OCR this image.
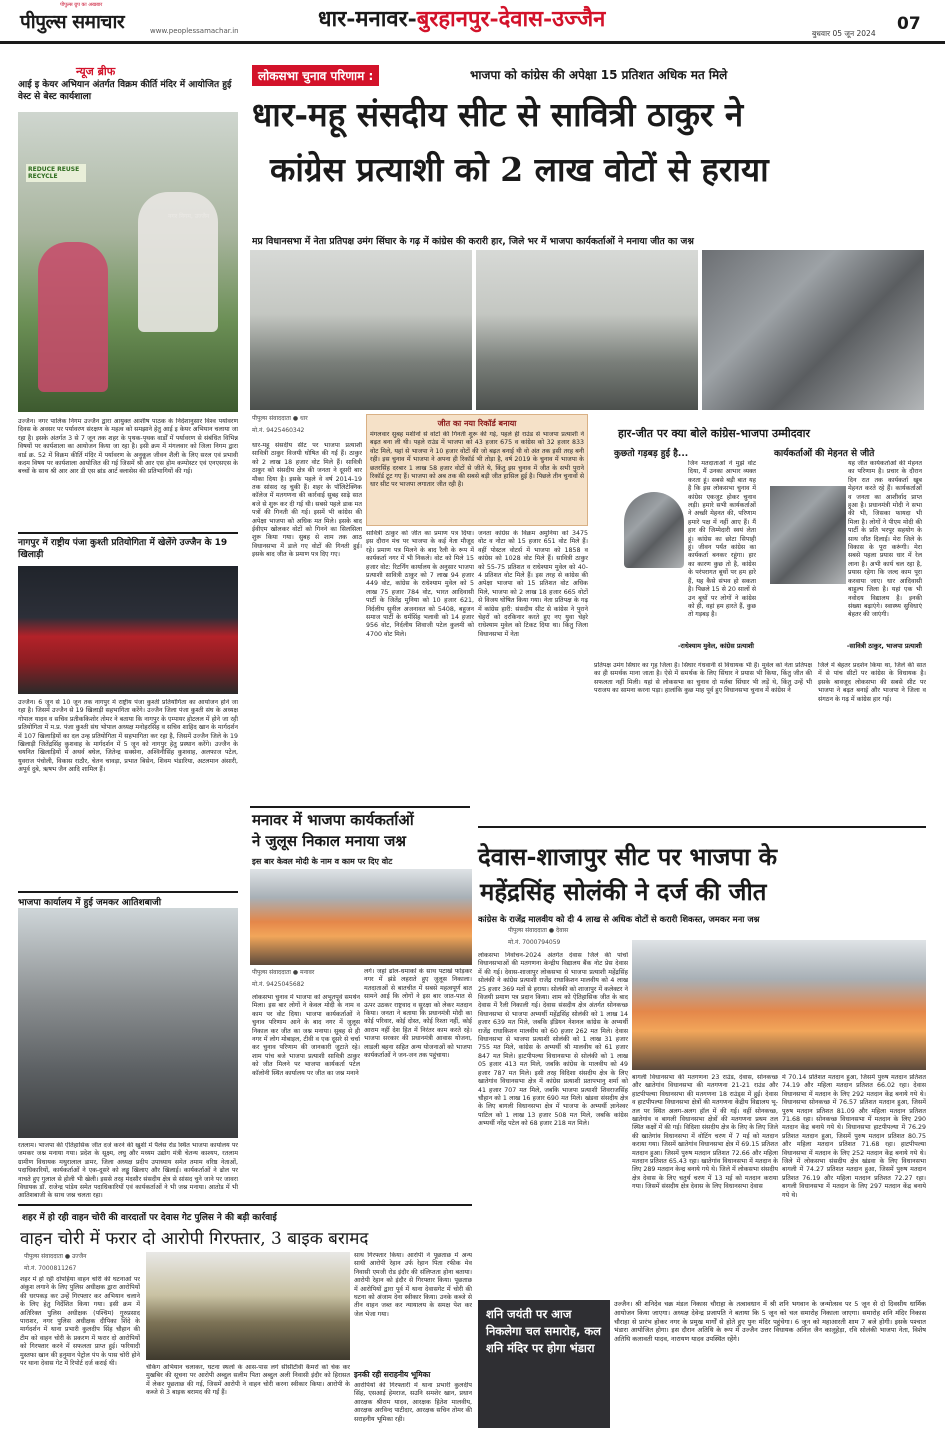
पीपुल्स ग्रुप का अखबार
पीपुल्स समाचार	www.peoplessamachar.in	धार-मनावर-बुरहानपुर-देवास-उज्जैन
बुधवार 05 जून 2024 07
न्यूज ब्रीफ
आई इ केयर अभियान अंतर्गत विक्रम कीर्ति मंदिर में आयोजित हुई वेस्ट से बेस्ट कार्यशाला
REDUCE REUSE RECYCLE
उज्जैन। नगर पालिक निगम उज्जैन द्वारा आयुक्त आशीष पाठक के निर्देशानुसार विश्व पर्यावरण दिवस के अवसर पर पर्यावरण संरक्षण के महत्व को समझाने हेतु आई इ केयर अभियान चलाया जा रहा है। इसके अंतर्गत 3 से 7 जून तक शहर के पृथक-पृथक वार्डों में पर्यावरण से संबंधित विभिन्न विषयों पर कार्यशाला का आयोजन किया जा रहा है। इसी क्रम में मंगलवार को जिला निगम द्वारा वार्ड क्र. 52 में विक्रम कीर्ति मंदिर में पर्यावरण के अनुकूल जीवन शैली के लिए सरल एवं प्रभावी कदम विषय पर कार्यशाला आयोजित की गई जिसमें श्री आर एस होम कम्पोस्टर एवं एनएसएस के बच्चों के साथ श्री आर आर डी एस ब्रांड आर्ट क्लासेस की प्रतिभागियों की गई।
नागपुर में राष्ट्रीय पंजा कुश्ती प्रतियोगिता में खेलेंगे उज्जैन के 19 खिलाड़ी
उज्जैन। 6 जून से 10 जून तक नागपुर में राष्ट्रीय पंजा कुश्ती प्रतियोगिता का आयोजन होने जा रहा है। जिसमें उज्जैन से 19 खिलाड़ी सहभागिता करेंगे। उज्जैन जिला पंजा कुश्ती संघ के अध्यक्ष गोपाल यादव व सचिव प्रतीककिशोर तोमर ने बताया कि नागपुर के एम्पायर होटलल में होने जा रही प्रतियोगिता में म.प्र. पंजा कुश्ती संघ भोपाल अध्यक्ष मनोहरसिंह व सचिव शाहिद खान के मार्गदर्शन में 107 खिलाड़ियों का दल उन्ह प्रतियोगिता में सहभागिता कर रहा है, जिसमें उज्जैन जिले के 19 खिलाड़ी जितेंद्रसिंह कुशवाह के मार्गदर्शन में 5 जून को नागपुर हेतु प्रस्थान करेंगे। उज्जैन के चयनित खिलाड़ियों में अथर्व बघेल, जितेन्द्र सक्सेना, अश्विनीसिंह कुशवाह, अलफाज पटेल, युवराज पंचोली, विकास राठौर, चेतन चावड़ा, प्रभात बिसेन, शिवम भंडारिया, अटलमान अंसारी, अपूर्व दुबे, ऋषभ जैन आदि शामिल हैं।
भाजपा कार्यालय में हुई जमकर आतिशबाजी
रतलाम। भाजपा की ऐतिहासिक जीत दर्ज करने की खुशी में पैलेस रोड स्थित भाजपा कार्यालय पर जमकर जश्न मनाया गया। प्रदेश के सूक्ष्म, लघु और मध्यम उद्योग मंत्री चेतन्य काश्यप, रतलाम ग्रामीण विधायक मथुरालाल डामर, जिला अध्यक्ष प्रदीप उपाध्याय समेत तमाम वरिष्ठ नेताओं, पदाधिकारियों, कार्यकर्ताओं ने एक-दूसरे को लड्डू खिलाए और खिलाई। कार्यकर्ताओं ने ढोल पर नाचते हुए गुलाल से होली भी खेली। इससे तरह मंदसौर संसदीय क्षेत्र से सांसद चुने जाने पर जावरा विधायक डॉ. राजेन्द्र पांडेय समेत पदाधिकारियों एवं कार्यकर्ताओं ने भी जश्न मनाया। आतोड में भी आतिशबाजी के साथ जश्न चलता रहा।
लोकसभा चुनाव परिणाम :	भाजपा को कांग्रेस की अपेक्षा 15 प्रतिशत अधिक मत मिले
धार-महू संसदीय सीट से सावित्री ठाकुर ने
कांग्रेस प्रत्याशी को 2 लाख वोटों से हराया
मप्र विधानसभा में नेता प्रतिपक्ष उमंग सिंघार के गढ़ में कांग्रेस की करारी हार, जिले भर में भाजपा कार्यकर्ताओं ने मनाया जीत का जश्न
पीपुल्स संवाददाता ● धार
मो.नं. 9425460342
जीत का नया रिकॉर्ड बनाया
मंगलवार सुबह मशीनों से वोटों की गिनती शुरू की गई, पहले ही राउंड से भाजपा प्रत्याशी ने बढ़त बना ली थी। पहले राउंड में भाजपा को 43 हजार 675 व कांग्रेस को 32 हजार 833 वोट मिले, यहां से भाजपा ने 10 हजार वोटों की जो बढ़त बनाई थी वो अंत तक इसी तरह बनी रही। इस चुनाव में भाजपा ने अपना ही रिकॉर्ड भी तोड़ा है, वर्ष 2019 के चुनाव में भाजपा के छतरसिंह दरबार 1 लाख 58 हजार वोटों से जीते थे, किंतु इस चुनाव में जीत के सभी पुराने रिकॉर्ड टूट गए हैं। भाजपा को अब तक की सबसे बड़ी जीत हासिल हुई है। पिछले तीन चुनावों से धार सीट पर भाजपा लगातार जीत रही है।
धार-महू संसदीय सीट पर भाजपा प्रत्याशी सावित्री ठाकुर विजयी घोषित की गईं हैं। ठाकुर को 2 लाख 18 हजार वोट मिले हैं। सावित्री ठाकुर को संसदीय क्षेत्र की जनता ने दूसरी बार मौका दिया है। इसके पहले वे वर्ष 2014-19 तक सांसद रह चुकी हैं। शहर के पॉलिटेक्निक कॉलेज में मतगणना की कार्रवाई सुबह साढ़े सात बजे से शुरू कर दी गई थी। सबसे पहले डाक मत पत्रों की गिनती की गई। इसमें भी कांग्रेस की अपेक्षा भाजपा को अधिक मत मिले। इसके बाद ईवीएम खोलकर वोटों को गिनने का सिलसिला शुरू किया गया। सुबह से शाम तक आठ विधानसभा में डाले गए वोटों की गिनती हुई। इसके बाद जीत के प्रमाण पत्र दिए गए।
सावित्री ठाकुर को जीत का प्रमाण पत्र दिया। इस दौरान मंच पर भाजपा के कई नेता मौजूद रहे। प्रमाण पत्र मिलने के बाद रैली के रूप में कार्यकर्ता नगर में भी निकले। वोट को मिले 15 हजार वोट: रिटर्निंग कार्यालय के अनुसार भाजपा प्रत्याशी सावित्री ठाकुर को 7 लाख 94 हजार 449 वोट, कांग्रेस के राधेश्याम मुवेल को 5 लाख 75 हजार 784 वोट, भारत आदिवासी पार्टी के जितेंद्र मुनिया को 10 हजार 621, निर्दलीय सुनील अजनावत को 5408, बहुजन समाज पार्टी के धर्मसिंह भलावी को 14 हजार 956 वोट, निर्दलीय शिवाजी पटेल कुलमी को 4700 वोट मिले।
जनता कांग्रेस के विक्रम अमुनिया को 3475 वोट व नोटा को 15 हजार 651 वोट मिले हैं। वहीं पोस्टल वोटर्स में भाजपा को 1858 व कांग्रेस को 1028 वोट मिले हैं। सावित्री ठाकुर को 55-75 प्रतिशत व राधेश्याम मुवेल को 40-4 प्रतिशत वोट मिले हैं। इस तरह से कांग्रेस की अपेक्षा भाजपा को 15 प्रतिशत वोट अधिक मिले, भाजपा को 2 लाख 18 हजार 665 वोटों से विजय घोषित किया गया। नेता प्रतिपक्ष के गढ़ में कांग्रेस हारी: संसदीय सीट से कांग्रेस ने पुराने चेहरों को दरकिनार करते हुए नए युवा चेहरे राधेश्याम मुवेल को टिकट दिया था। किंतु जिला विधानसभा में नेता
हार-जीत पर क्या बोले कांग्रेस-भाजपा उम्मीदवार
कुछतो गड़बड़ हुई है...	कार्यकर्ताओं की मेहनत से जीते
जिन मतदाताओं ने मुझे वोट दिया, मैं उनका आभार व्यक्त करता हूं। सबसे बड़ी बात यह है कि इस लोकसभा चुनाव में कांग्रेस एकजुट होकर चुनाव लड़ी। हमारे सभी कार्यकर्ताओं ने अच्छी मेहनत की, परिणाम हमारे पक्ष में नहीं आए हैं। मैं हार की जिम्मेदारी स्वयं लेता हूं। कांग्रेस का छोटा सिपाही हूं। जीवन पर्यंत कांग्रेस का कार्यकर्ता बनकर रहूंगा। हार का कारण कुछ तो है, कांग्रेस के परंपरागत बूथों पर हम हारे हैं, यह कैसे संभव हो सकता है। पिछले 15 से 20 सालों से उन बूथों पर लोगों ने कांग्रेस को ही, वहां हम हारते हैं, कुछ तो गड़बड़ है।
-राधेश्याम मुवेल, कांग्रेस प्रत्याशी
यह जीत कार्यकर्ताओं की मेहनत का परिणाम है। प्रचार के दौरान दिन रात तक कार्यकर्ता खूब मेहनत करते रहे हैं। कार्यकर्ताओं व जनता का आशीर्वाद प्राप्त हुआ है। प्रधानमंत्री मोदी ने सभा की भी, जिसका फायदा भी मिला है। लोगों ने पीएम मोदी की पार्टी के प्रति भरपूर सहयोग के साथ जीत दिलाई। मेरा जिले के विकास के पूरा करूंगी। मेरा सबसे पहला प्रयास धार में रेल लाना है। अभी कार्य चल रहा है, प्रयास रहेगा कि जल्द काम पूरा करवाया जाए। धार आदिवासी बाहुल्य जिला है। यहां एक भी नवोदय विद्यालय है। इनकी संख्या बढ़ाएंगे। स्वास्थ्य सुविधाएं बेहतर की जाएंगी।
-सावित्री ठाकुर, भाजपा प्रत्याशी
प्रतिपक्ष उमंग सिंघार का गृह जिला है। सिंघार गंधवानी से विधायक भी हैं। मुवेल को नेता प्रतिपक्ष का ही समर्थक माना जाता है। ऐसे में समर्थक के लिए सिंघार ने प्रयास भी किया, किंतु जीत की सफलता नहीं मिली। यहां से लोकसभा का चुनाव दो मर्तबा सिंघार भी लड़ें थे, किंतु उन्हें भी पराजय का सामना करना पड़ा। हालांकि कुछ माह पूर्व हुए विधानसभा चुनाव में कांग्रेस ने
जिले में बेहतर प्रदर्शन किया था, जिले की सात में से पांच सीटों पर कांग्रेस के विधायक है। इसके बावजूद लोकसभा की सबसे सीट पर भाजपा ने बढ़त बनाई और भाजपा ने जिला व संगठन के गढ़ में कांग्रेस हार गई।
मनावर में भाजपा कार्यकर्ताओं
ने जुलूस निकाल मनाया जश्न
इस बार केवल मोदी के नाम व काम पर दिए वोट
पीपुल्स संवाददाता ● मनावर
मो.नं. 9425045682
लोकसभा चुनाव में भाजपा को अभूतपूर्व समर्थन मिला। इस बार लोगों ने केवल मोदी के नाम व काम पर वोट दिया। भाजपा कार्यकर्ताओं ने चुनाव परिणाम आने के बाद नगर में जुलूस निकाल कर जीत का जश्न मनाया। सुबह से ही नगर में लोग मोबाइल, टीवी व एक दूसरे से चर्चा कर चुनाव परिणाम की जानकारी जुटाते रहे। शाम पांच बजे भाजपा प्रत्याशी सावित्री ठाकुर को जीत मिलने पर भाजपा कार्यकर्ता पटेल कॉलोनी स्थित कार्यालय पर जीत का जश्न मनाने
लगे। जहां ढोल-धमाकों के साथ पटाखे फोड़कर नगर में झंडे लहराते हुए जुलूस निकाला। मतदाताओं से बातचीत में सबसे महत्वपूर्ण बात सामने आई कि लोगों ने इस बार जात-पात से ऊपर उठकर राष्ट्रवाद व सुरक्षा को लेकर मतदान किया। जनता ने बताया कि प्रधानमंत्री मोदी का कोई परिवार, कोई दोस्त, कोई रिश्ता नहीं, कोई आराम नहीं देश हित में निरंतर काम करते रहे। भाजपा सरकार की प्रधानमंत्री आवास योजना, लाडली बहना सहित अन्य योजनाओं को भाजपा कार्यकर्ताओं ने जन-जन तक पहुंचाया।
देवास-शाजापुर सीट पर भाजपा के
महेंद्रसिंह सोलंकी ने दर्ज की जीत
कांग्रेस के राजेंद्र मालवीय को दी 4 लाख से अधिक वोटों से करारी शिकस्त, जमकर मना जश्न
पीपुल्स संवाददाता ● देवास
मो.नं. 7000794059
लोकसभा निर्वाचन-2024 अंतर्गत देवास जिले की पांचों विधानसभाओं की मतगणना केन्द्रीय विद्यालय बैंक नोट प्रेस देवास में की गई। देवास-शाजापुर लोकसभा से भाजपा प्रत्याशी महेंद्रसिंह सोलंकी ने कांग्रेस प्रत्याशी राजेंद्र राधाकिशन मालवीय को 4 लाख 25 हजार 369 मतों से हराया। सोलंकी को शाजापुर में कलेक्टर ने विजयी प्रमाण पत्र प्रदान किया। शाम को ऐतिहासिक जीत के बाद देवास में रैली निकाली गई। देवास संसदीय क्षेत्र अंतर्गत सोनकच्छ विधानसभा से भाजपा अभ्यर्थी महेंद्रसिंह सोलंकी को 1 लाख 14 हजार 639 मत मिले, जबकि इंडियन नेशनल कांग्रेस के अभ्यर्थी राजेंद्र राधाकिशन मालवीय को 60 हजार 262 मत मिले। देवास विधानसभा से भाजपा प्रत्याशी सोलंकी को 1 लाख 31 हजार 755 मत मिले, कांग्रेस के अभ्यर्थी श्री मालवीय को 61 हजार 847 मत मिले। हाटपीपल्या विधानसभा से सोलंकी को 1 लाख 05 हजार 413 मत मिले, जबकि कांग्रेस के मालवीय को 49 हजार 787 मत मिले। इसी तरह विदिशा संसदीय क्षेत्र के लिए खातेगांव विधानसभा क्षेत्र में कांग्रेस प्रत्याशी प्रतापभानु शर्मा को 41 हजार 707 मत मिले, जबकि भाजपा प्रत्याशी शिवराजसिंह चौहान को 1 लाख 16 हजार 690 मत मिले। खंडवा संसदीय क्षेत्र के लिए बागली विधानसभा क्षेत्र में भाजपा के अभ्यर्थी ज्ञानेश्वर पाटिल को 1 लाख 13 हजार 508 मत मिले, जबकि कांग्रेस अभ्यर्थी नरेंद्र पटेल को 68 हजार 218 मत मिले।
बागली विधानसभा की मतगणना 23 राउंड, देवास, सोनकच्छ और खातेगांव विधानसभा की मतगणना 21-21 राउंड और हाटपीपल्या विधानसभा की मतगणना 18 राउंड्स में हुई। देवास व हाटपीपल्या विधानसभा क्षेत्रों की मतगणना केंद्रीय विद्यालय भू-तल पर स्थित अलग-अलग हॉल में की गई। वहीं सोनकच्छ, खातेगांव व बागली विधानसभा क्षेत्रों की मतगणना प्रथम तल स्थित कक्षों में की गई। विदिशा संसदीय क्षेत्र के लिए के लिए जिले की खातेगांव विधानसभा में वोटिंग चरण में 7 मई को मतदान कराया गया। जिसमें खातेगांव विधानसभा क्षेत्र में 69.15 प्रतिशत मतदान हुआ। जिसमें पुरुष मतदान प्रतिशत 72.66 और महिला मतदान प्रतिशत 65.43 रहा। खातेगांव विधानसभा में मतदान के लिए 289 मतदान केन्द्र बनाये गये थे। जिले में लोकसभा संसदीय क्षेत्र देवास के लिए चतुर्थ चरण में 13 मई को मतदान कराया गया। जिसमें संसदीय क्षेत्र देवास के लिए विधानसभा देवास
में 70.14 प्रतिशत मतदान हुआ, जिसमें पुरुष मतदान प्रतिशत 74.19 और महिला मतदान प्रतिशत 66.02 रहा। देवास विधानसभा में मतदान के लिए 292 मतदान केंद्र बनाये गये थे। विधानसभा सोनकच्छ में 76.57 प्रतिशत मतदान हुआ, जिसमें पुरुष मतदान प्रतिशत 81.09 और महिला मतदान प्रतिशत 71.68 रहा। सोनकच्छ विधानसभा में मतदान के लिए 290 मतदान केंद्र बनाये गये थे। विधानसभा हाटपीपल्या में 76.29 प्रतिशत मतदान हुआ, जिसमें पुरुष मतदान प्रतिशत 80.75 और महिला मतदान प्रतिशत 71.68 रहा। हाटपीपल्या विधानसभा में मतदान के लिए 252 मतदान केंद्र बनाये गये थे। जिले में लोकसभा संसदीय क्षेत्र खंडवा के लिए विधानसभा बागली में 74.27 प्रतिशत मतदान हुआ, जिसमें पुरुष मतदान प्रतिशत 76.19 और महिला मतदान प्रतिशत 72.27 रहा। बागली विधानसभा में मतदान के लिए 297 मतदान केंद्र बनाये गये थे।
शहर में हो रही वाहन चोरी की वारदातों पर देवास गेट पुलिस ने की बड़ी कार्रवाई
वाहन चोरी में फरार दो आरोपी गिरफ्तार, 3 बाइक बरामद
पीपुल्स संवाददाता ● उज्जैन
मो.नं. 7000811267
शहर में हो रही दोपहिया वाहन चोरी की घटनाओं पर अंकुश लगाने के लिए पुलिस अधीक्षक द्वारा आरोपियों की धरपकड़ कर उन्हें गिरफ्तार कर अभियान चलाने के लिए हेतु निर्देशित किया गया। इसी क्रम में अतिरिक्त पुलिस अधीक्षक (पश्चिम) गुरुप्रसाद पाराशर, नगर पुलिस अधीक्षक दीपिका शिंदे के मार्गदर्शन में थाना प्रभारी कुलदीप सिंह चौहान की टीम को वाहन चोरी के प्रकरण में फरार दो आरोपियों को गिरफ्तार करने में सफलता प्राप्त हुई। फरियादी मुस्तफा खान की हनुमान पेट्रोल पंप के पास चोरी होने पर थाना देवास गेट में रिपोर्ट दर्ज कराई थी।
चेकिंग अभियान चलाकर, घटना स्थलों के आस-पास लगे सीसीटीवी कैमरों को चेक कर मुखबिर की सूचना पर आरोपी अब्दुल सलीम पिता अब्दुल अली निवासी इंदौर को हिरासत में लेकर पूछताछ की गई, जिसमें आरोपी ने वाहन चोरी करना स्वीकार किया। आरोपी के कब्जे से 3 बाइक बरामद की गईं हैं।
साथ गिरफ्तार किया। आरोपी ने पूछताछ में अन्य साथी आरोपी रेहान उर्फ रेहान पिता रफीक मेव निवासी एमजी रोड इंदौर की संलिप्तता होना बताया। आरोपी रेहान को इंदौर से गिरफ्तार किया। पूछताछ में आरोपियों द्वारा पूर्व में थाना देवासगेट में चोरी की घटना को अंजाम देना स्वीकार किया। उनके कब्जे से तीन वाहन जब्त कर न्यायालय के समक्ष पेश कर जेल भेजा गया।
इनकी रही सराहनीय भूमिका
आरोपियों की गिरफ्तारी में थाना प्रभारी कुलदीप सिंह, एसआई हेमराज, सउनि समशेर खान, प्रधान आरक्षक श्रीराम यादव, आरक्षक हितेश मालवीय, आरक्षक अरविन्द पाटीदार, आरक्षक सचिन तोमर की सराहनीय भूमिका रही।
शनि जयंती पर आज निकलेगा चल समारोह, कल शनि मंदिर पर होगा भंडारा
उज्जैन। श्री शनिदेव चक्र मंडल निकास चौराहा के तत्वावधान में श्री शनि भगवान के जन्मोत्सव पर 5 जून से दो दिवसीय धार्मिक आयोजन किया जाएगा। अध्यक्ष देवेन्द्र प्रजापति ने बताया कि 5 जून को चल समारोह निकाला जाएगा। समारोह शनि मंदिर निकास चौराहा से प्रारंभ होकर नगर के प्रमुख मार्गों से होते हुए पुनः मंदिर पहुंचेगा। 6 जून को महाआरती शाम 7 बजे होगी। इसके पश्चात भंडारा आयोजित होगा। इस दौरान अतिथि के रूप में उज्जैन उत्तर विधायक अनिल जैन कालूहेड़ा, रवि सोलंकी भाजपा नेता, विशेष अतिथि कलावती यादव, नारायण यादव उपस्थित रहेंगे।
